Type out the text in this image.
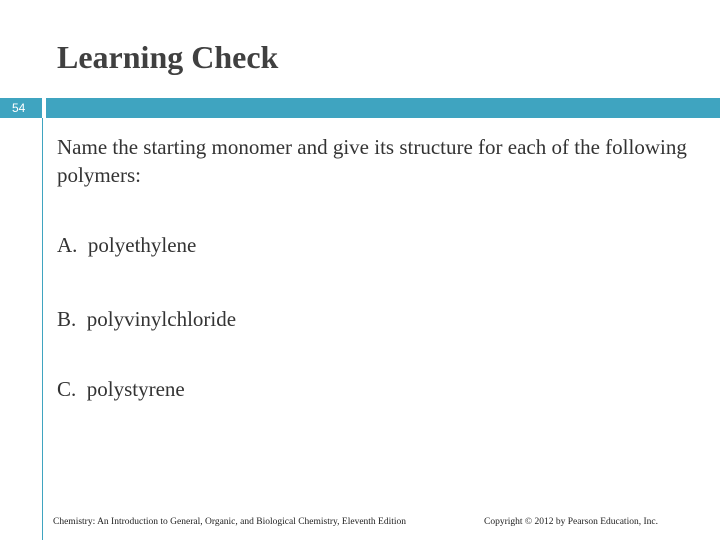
Learning Check
54
Name the starting monomer and give its structure for each of the following polymers:
A.  polyethylene
B.  polyvinylchloride
C.  polystyrene
Chemistry: An Introduction to General, Organic, and Biological Chemistry, Eleventh Edition	Copyright © 2012 by Pearson Education, Inc.
